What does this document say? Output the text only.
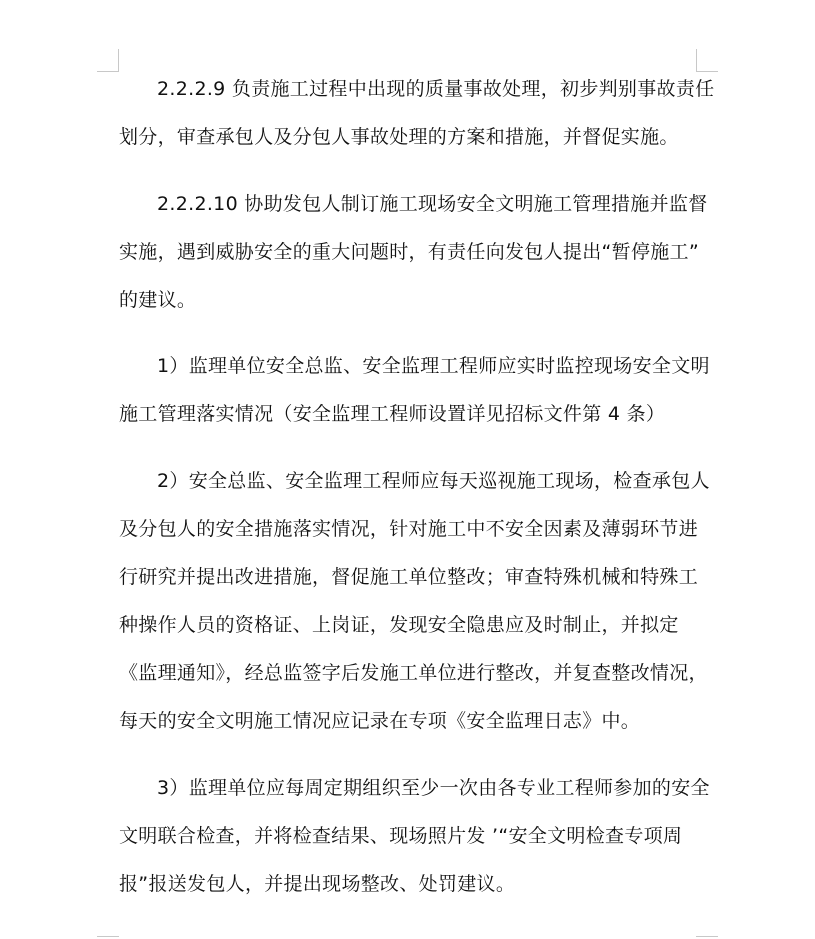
2.2.2.9 负责施工过程中出现的质量事故处理，初步判别事故责任
划分，审查承包人及分包人事故处理的方案和措施，并督促实施。
2.2.2.10 协助发包人制订施工现场安全文明施工管理措施并监督
实施，遇到威胁安全的重大问题时，有责任向发包人提出“暂停施工”
的建议。
1）监理单位安全总监、安全监理工程师应实时监控现场安全文明
施工管理落实情况（安全监理工程师设置详见招标文件第 4 条）
2）安全总监、安全监理工程师应每天巡视施工现场，检查承包人
及分包人的安全措施落实情况，针对施工中不安全因素及薄弱环节进
行研究并提出改进措施，督促施工单位整改；审查特殊机械和特殊工
种操作人员的资格证、上岗证，发现安全隐患应及时制止，并拟定
《监理通知》，经总监签字后发施工单位进行整改，并复查整改情况，
每天的安全文明施工情况应记录在专项《安全监理日志》中。
3）监理单位应每周定期组织至少一次由各专业工程师参加的安全
文明联合检查，并将检查结果、现场照片发 ’“安全文明检查专项周
报”报送发包人，并提出现场整改、处罚建议。
